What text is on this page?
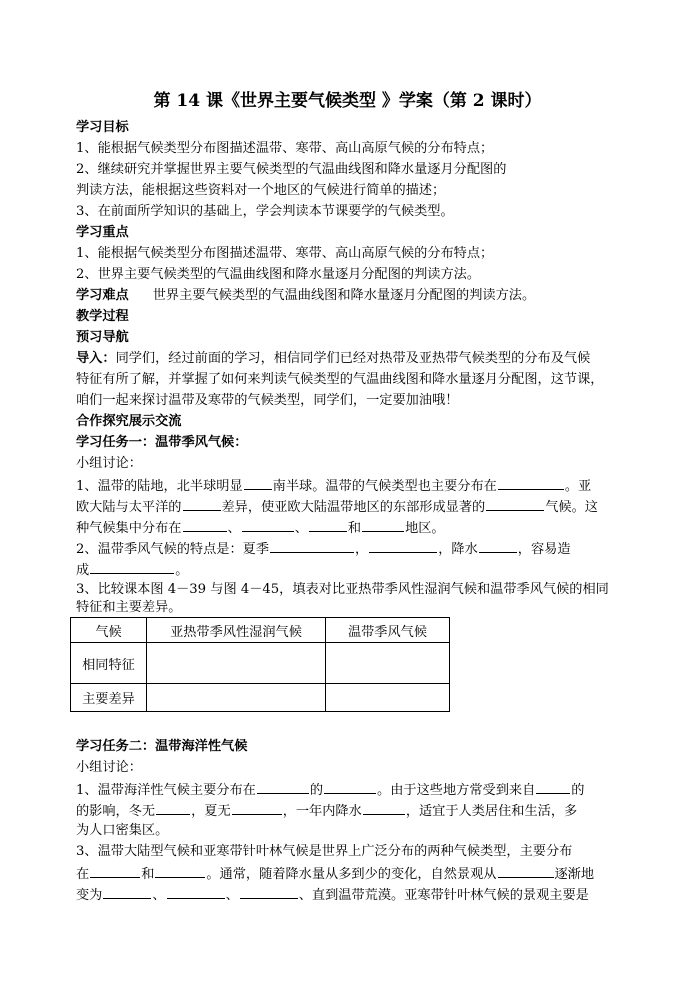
第 14 课《世界主要气候类型 》学案（第 2 课时）
学习目标
1、能根据气候类型分布图描述温带、寒带、高山高原气候的分布特点；
2、继续研究并掌握世界主要气候类型的气温曲线图和降水量逐月分配图的
判读方法，能根据这些资料对一个地区的气候进行简单的描述；
3、在前面所学知识的基础上，学会判读本节课要学的气候类型。
学习重点
1、能根据气候类型分布图描述温带、寒带、高山高原气候的分布特点；
2、世界主要气候类型的气温曲线图和降水量逐月分配图的判读方法。
学习难点 世界主要气候类型的气温曲线图和降水量逐月分配图的判读方法。
教学过程
预习导航
导入：同学们，经过前面的学习，相信同学们已经对热带及亚热带气候类型的分布及气候
特征有所了解，并掌握了如何来判读气候类型的气温曲线图和降水量逐月分配图，这节课，
咱们一起来探讨温带及寒带的气候类型，同学们，一定要加油哦！
合作探究展示交流
学习任务一：温带季风气候：
小组讨论：
1、温带的陆地，北半球明显 南半球。温带的气候类型也主要分布在	。亚
欧大陆与太平洋的	差异，使亚欧大陆温带地区的东部形成显著的	气候。这
种气候集中分布在	、	、	和	地区。
2、温带季风气候的特点是：夏季	，	，降水	，容易造
成	。
3、比较课本图 4－39 与图 4－45，填表对比亚热带季风性湿润气候和温带季风气候的相同
特征和主要差异。
气候	亚热带季风性湿润气候	温带季风气候
相同特征		
主要差异		
学习任务二：温带海洋性气候
小组讨论：
1、温带海洋性气候主要分布在	的	。由于这些地方常受到来自	的
的影响，冬无	，夏无	，一年内降水	，适宜于人类居住和生活，多
为人口密集区。
3、温带大陆型气候和亚寒带针叶林气候是世界上广泛分布的两种气候类型，主要分布
在	和	。通常，随着降水量从多到少的变化，自然景观从	逐渐地
变为	、	、	、直到温带荒漠。亚寒带针叶林气候的景观主要是
